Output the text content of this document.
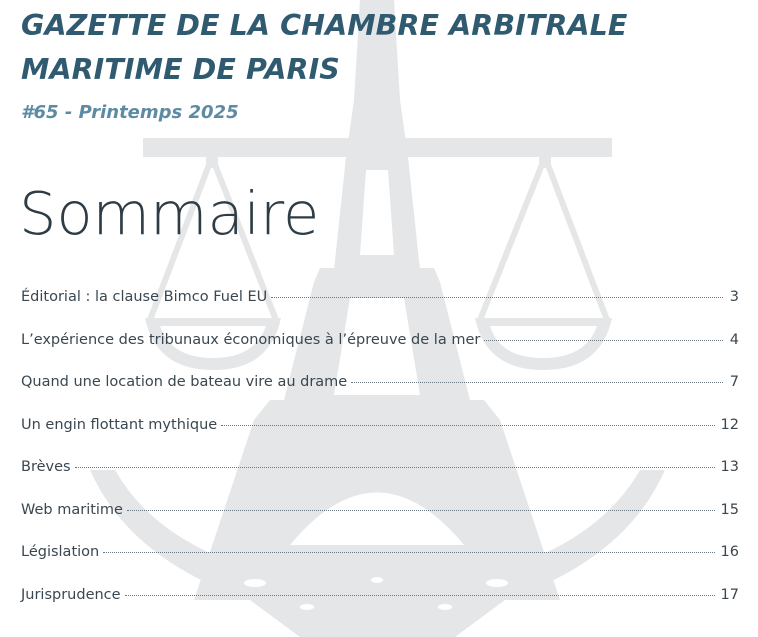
GAZETTE DE LA CHAMBRE ARBITRALE
MARITIME DE PARIS
#65 - Printemps 2025
Sommaire
Éditorial : la clause Bimco Fuel EU	3
L’expérience des tribunaux économiques à l’épreuve de la mer	4
Quand une location de bateau vire au drame	7
Un engin flottant mythique	12
Brèves	13
Web maritime	15
Législation	16
Jurisprudence	17
